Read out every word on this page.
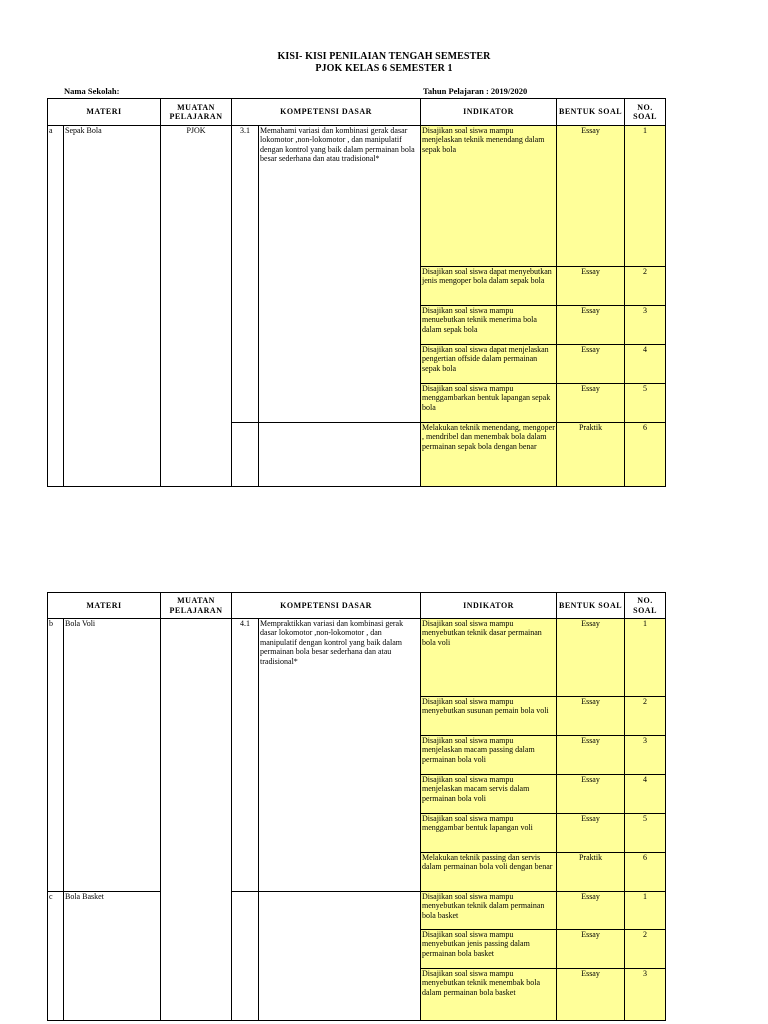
KISI- KISI PENILAIAN TENGAH SEMESTER
PJOK KELAS 6 SEMESTER 1
Nama Sekolah:	Tahun Pelajaran : 2019/2020
MATERI		MUATAN PELAJARAN	KOMPETENSI DASAR		INDIKATOR	BENTUK SOAL	NO. SOAL
a	Sepak Bola	PJOK	3.1	Memahami variasi dan kombinasi gerak dasar lokomotor ,non-lokomotor , dan manipulatif dengan kontrol yang baik dalam permainan bola besar sederhana dan atau tradisional*	Disajikan soal siswa mampu menjelaskan teknik menendang dalam sepak bola	Essay	1
					Disajikan soal siswa dapat menyebutkan jenis mengoper bola dalam sepak bola	Essay	2
					Disajikan soal siswa mampu menuebutkan teknik menerima bola dalam sepak bola	Essay	3
					Disajikan soal siswa dapat menjelaskan pengertian offside dalam permainan sepak bola	Essay	4
					Disajikan soal siswa mampu menggambarkan bentuk lapangan sepak bola	Essay	5
					Melakukan teknik menendang, mengoper , mendribel dan menembak bola dalam permainan sepak bola dengan benar	Praktik	6
MATERI		MUATAN PELAJARAN	KOMPETENSI DASAR		INDIKATOR	BENTUK SOAL	NO. SOAL
b	Bola Voli		4.1	Mempraktikkan variasi dan kombinasi gerak dasar lokomotor ,non-lokomotor , dan manipulatif dengan kontrol yang baik dalam permainan bola besar sederhana dan atau tradisional*	Disajikan soal siswa mampu menyebutkan teknik dasar permainan bola voli	Essay	1
					Disajikan soal siswa mampu menyebutkan susunan pemain bola voli	Essay	2
					Disajikan soal siswa mampu menjelaskan macam passing dalam permainan bola voli	Essay	3
					Disajikan soal siswa mampu menjelaskan macam servis dalam permainan bola voli	Essay	4
					Disajikan soal siswa mampu menggambar bentuk lapangan voli	Essay	5
					Melakukan teknik passing dan servis dalam permainan bola voli dengan benar	Praktik	6
c	Bola Basket				Disajikan soal siswa mampu menyebutkan teknik dalam permainan bola basket	Essay	1
					Disajikan soal siswa mampu menyebutkan jenis passing dalam permainan bola basket	Essay	2
					Disajikan soal siswa mampu menyebutkan teknik menembak bola dalam permainan bola basket	Essay	3
